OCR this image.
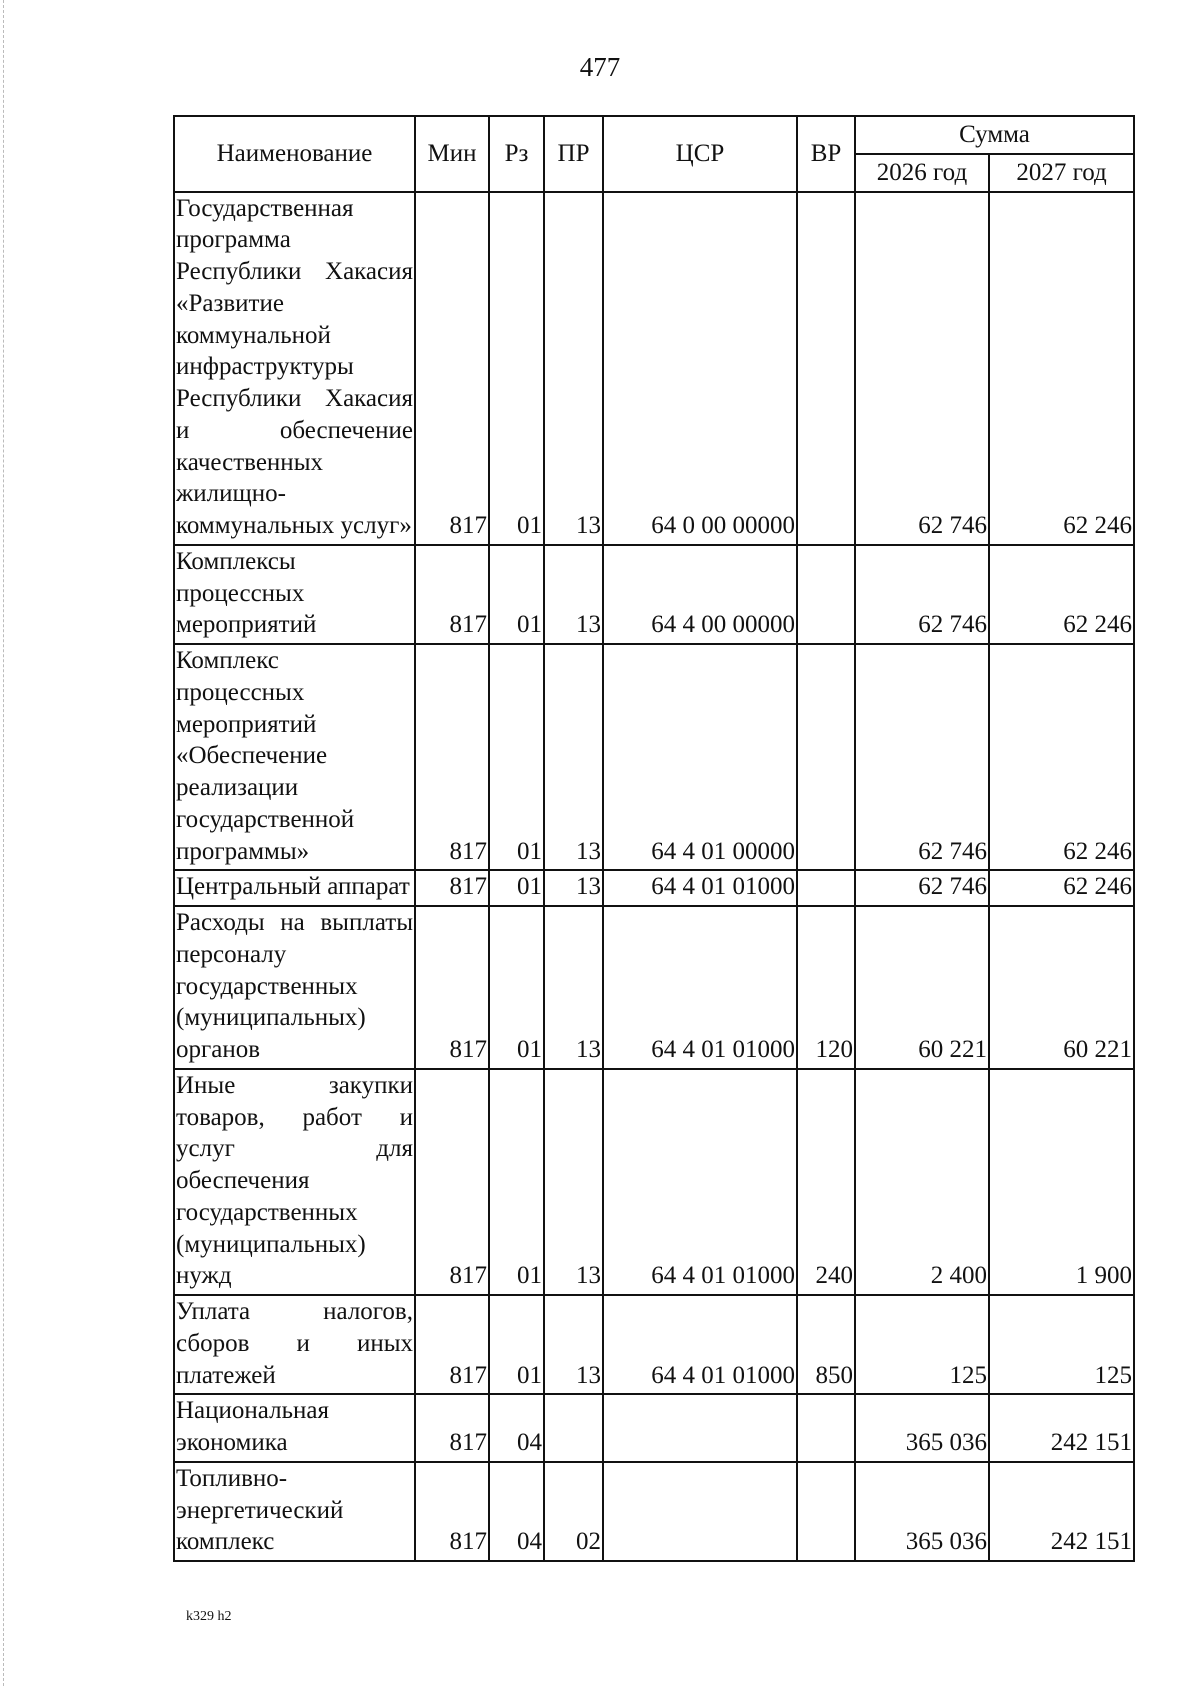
477
Наименование	Мин	Рз	ПР	ЦСР	ВР	Сумма	
						2026 год	2027 год
Государственная программа Республики Хакасия «Развитие коммунальной инфраструктуры Республики Хакасия и обеспечение качественных жилищно-коммунальных услуг»	817	01	13	64 0 00 00000		62 746	62 246
Комплексы процессных мероприятий	817	01	13	64 4 00 00000		62 746	62 246
Комплекс процессных мероприятий «Обеспечение реализации государственной программы»	817	01	13	64 4 01 00000		62 746	62 246
Центральный аппарат	817	01	13	64 4 01 01000		62 746	62 246
Расходы на выплаты персоналу государственных (муниципальных) органов	817	01	13	64 4 01 01000	120	60 221	60 221
Иные закупки товаров, работ и услуг для обеспечения государственных (муниципальных) нужд	817	01	13	64 4 01 01000	240	2 400	1 900
Уплата налогов, сборов и иных платежей	817	01	13	64 4 01 01000	850	125	125
Национальная экономика	817	04				365 036	242 151
Топливно-энергетический комплекс	817	04	02			365 036	242 151
k329 h2
